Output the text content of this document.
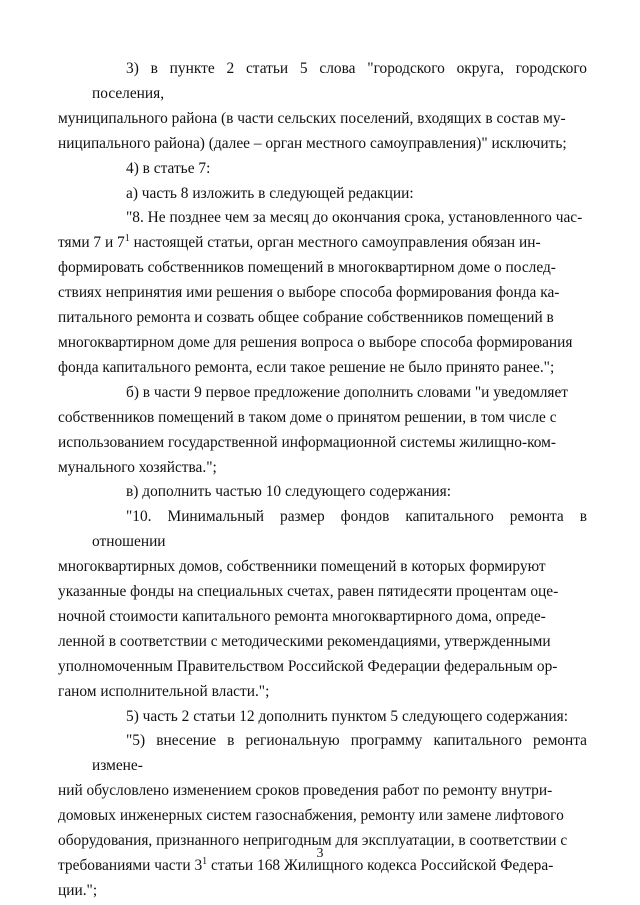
3) в пункте 2 статьи 5 слова "городского округа, городского поселения,
муниципального района (в части сельских поселений, входящих в состав му-
ниципального района) (далее – орган местного самоуправления)" исключить;

4) в статье 7:

а) часть 8 изложить в следующей редакции:

"8. Не позднее чем за месяц до окончания срока, установленного час-
тями 7 и $7^1$ настоящей статьи, орган местного самоуправления обязан ин-
формировать собственников помещений в многоквартирном доме о послед-
ствиях непринятия ими решения о выборе способа формирования фонда ка-
питального ремонта и созвать общее собрание собственников помещений в
многоквартирном доме для решения вопроса о выборе способа формирования
фонда капитального ремонта, если такое решение не было принято ранее.";

б) в части 9 первое предложение дополнить словами "и уведомляет
собственников помещений в таком доме о принятом решении, в том числе с
использованием государственной информационной системы жилищно-ком-
мунального хозяйства.";

в) дополнить частью 10 следующего содержания:

"10. Минимальный размер фондов капитального ремонта в отношении
многоквартирных домов, собственники помещений в которых формируют
указанные фонды на специальных счетах, равен пятидесяти процентам оце-
ночной стоимости капитального ремонта многоквартирного дома, опреде-
ленной в соответствии с методическими рекомендациями, утвержденными
уполномоченным Правительством Российской Федерации федеральным ор-
ганом исполнительной власти.";

5) часть 2 статьи 12 дополнить пунктом 5 следующего содержания:

"5) внесение в региональную программу капитального ремонта измене-
ний обусловлено изменением сроков проведения работ по ремонту внутри-
домовых инженерных систем газоснабжения, ремонту или замене лифтового
оборудования, признанного непригодным для эксплуатации, в соответствии с
требованиями части $3^1$ статьи 168 Жилищного кодекса Российской Федера-
ции.";

3
